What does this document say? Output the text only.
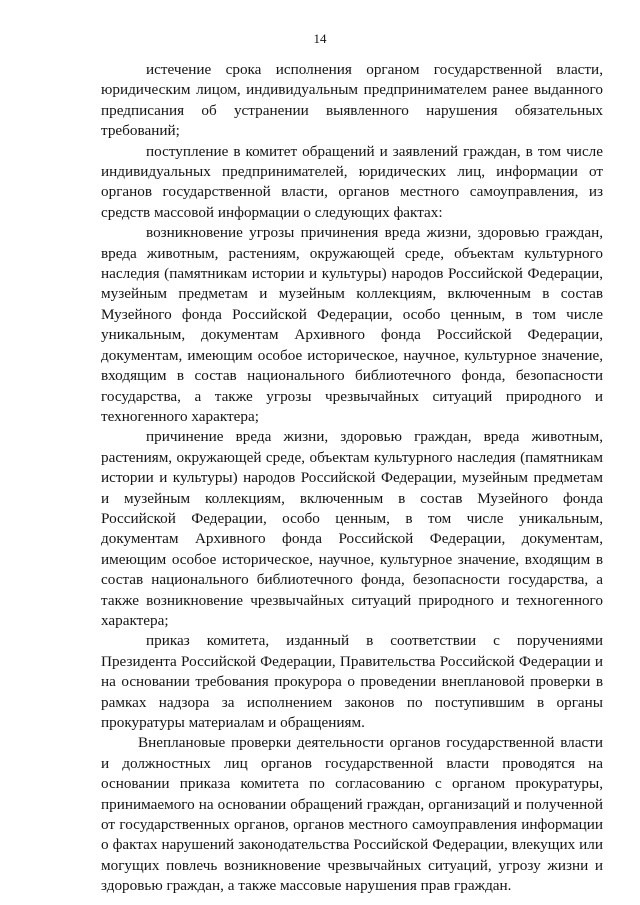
14

истечение срока исполнения органом государственной власти, юридическим лицом, индивидуальным предпринимателем ранее выданного предписания об устранении выявленного нарушения обязательных требований;

поступление в комитет обращений и заявлений граждан, в том числе индивидуальных предпринимателей, юридических лиц, информации от органов государственной власти, органов местного самоуправления, из средств массовой информации о следующих фактах:

возникновение угрозы причинения вреда жизни, здоровью граждан, вреда животным, растениям, окружающей среде, объектам культурного наследия (памятникам истории и культуры) народов Российской Федерации, музейным предметам и музейным коллекциям, включенным в состав Музейного фонда Российской Федерации, особо ценным, в том числе уникальным, документам Архивного фонда Российской Федерации, документам, имеющим особое историческое, научное, культурное значение, входящим в состав национального библиотечного фонда, безопасности государства, а также угрозы чрезвычайных ситуаций природного и техногенного характера;

причинение вреда жизни, здоровью граждан, вреда животным, растениям, окружающей среде, объектам культурного наследия (памятникам истории и культуры) народов Российской Федерации, музейным предметам и музейным коллекциям, включенным в состав Музейного фонда Российской Федерации, особо ценным, в том числе уникальным, документам Архивного фонда Российской Федерации, документам, имеющим особое историческое, научное, культурное значение, входящим в состав национального библиотечного фонда, безопасности государства, а также возникновение чрезвычайных ситуаций природного и техногенного характера;

приказ комитета, изданный в соответствии с поручениями Президента Российской Федерации, Правительства Российской Федерации и на основании требования прокурора о проведении внеплановой проверки в рамках надзора за исполнением законов по поступившим в органы прокуратуры материалам и обращениям.

Внеплановые проверки деятельности органов государственной власти и должностных лиц органов государственной власти проводятся на основании приказа комитета по согласованию с органом прокуратуры, принимаемого на основании обращений граждан, организаций и полученной от государственных органов, органов местного самоуправления информации о фактах нарушений законодательства Российской Федерации, влекущих или могущих повлечь возникновение чрезвычайных ситуаций, угрозу жизни и здоровью граждан, а также массовые нарушения прав граждан.
